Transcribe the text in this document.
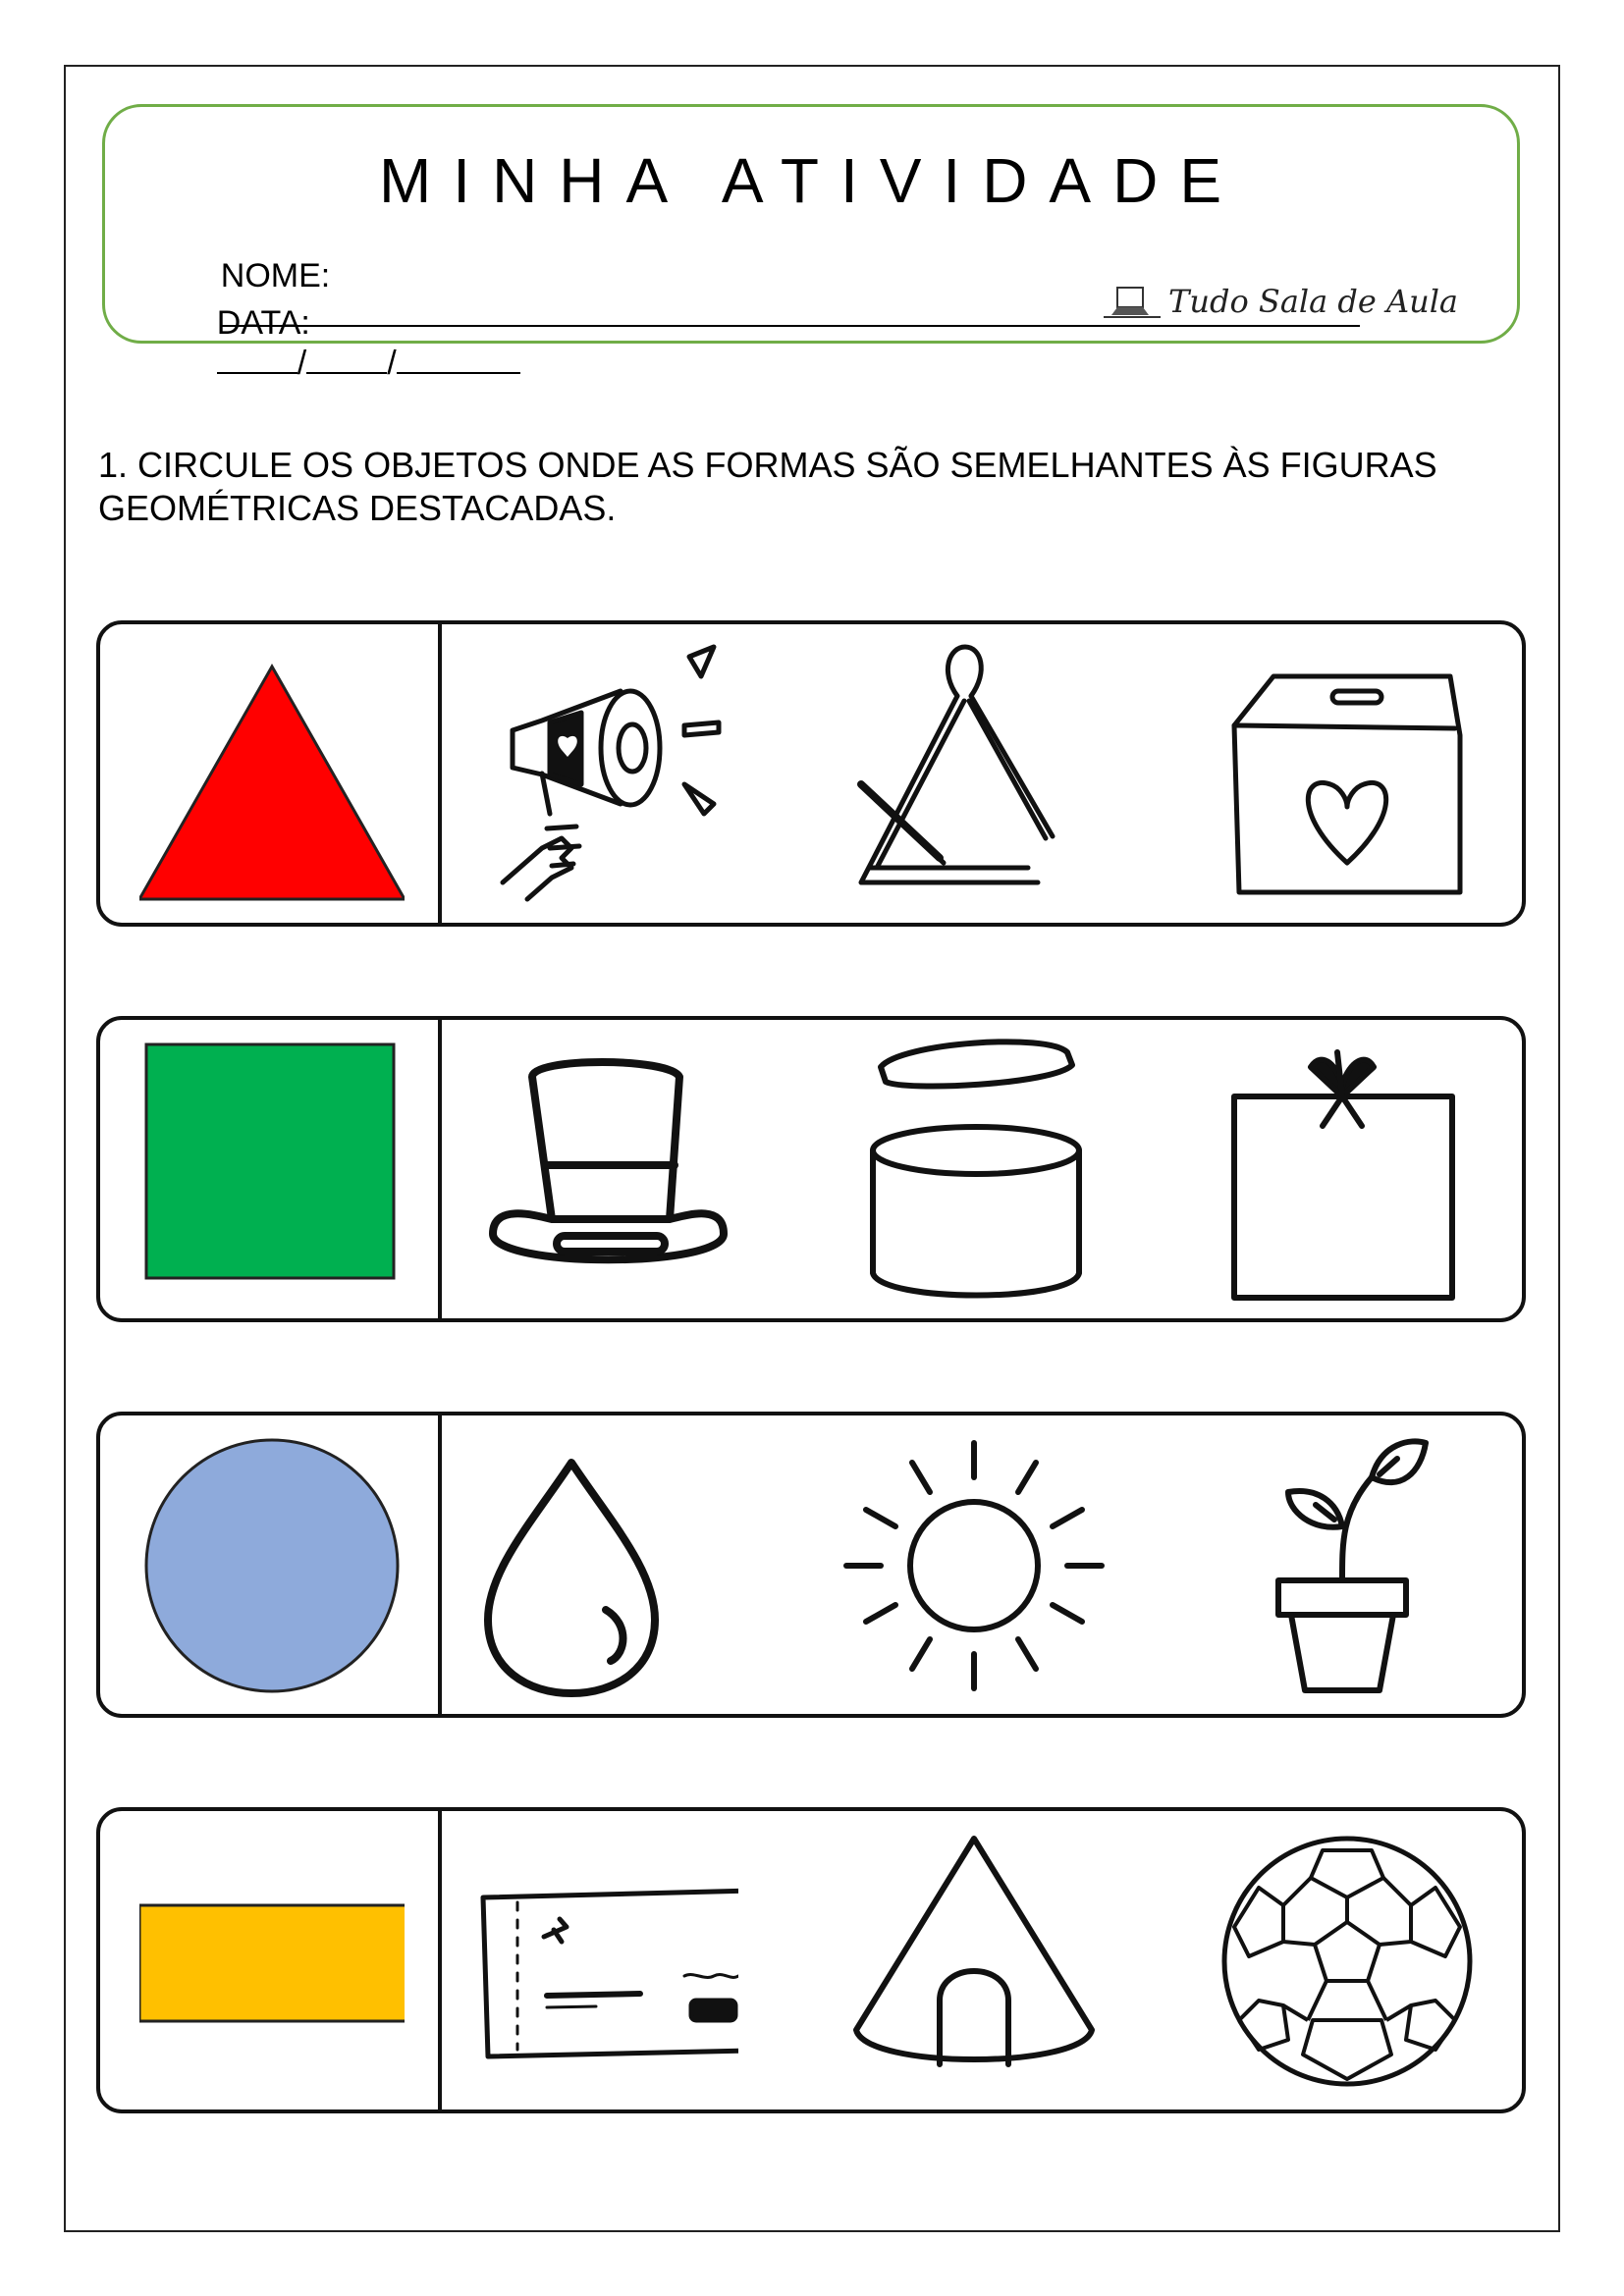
MINHA ATIVIDADE

NOME:

DATA:
/ /

Tudo Sala de Aula
1. CIRCULE OS OBJETOS ONDE AS FORMAS SÃO SEMELHANTES ÀS FIGURAS GEOMÉTRICAS DESTACADAS.
